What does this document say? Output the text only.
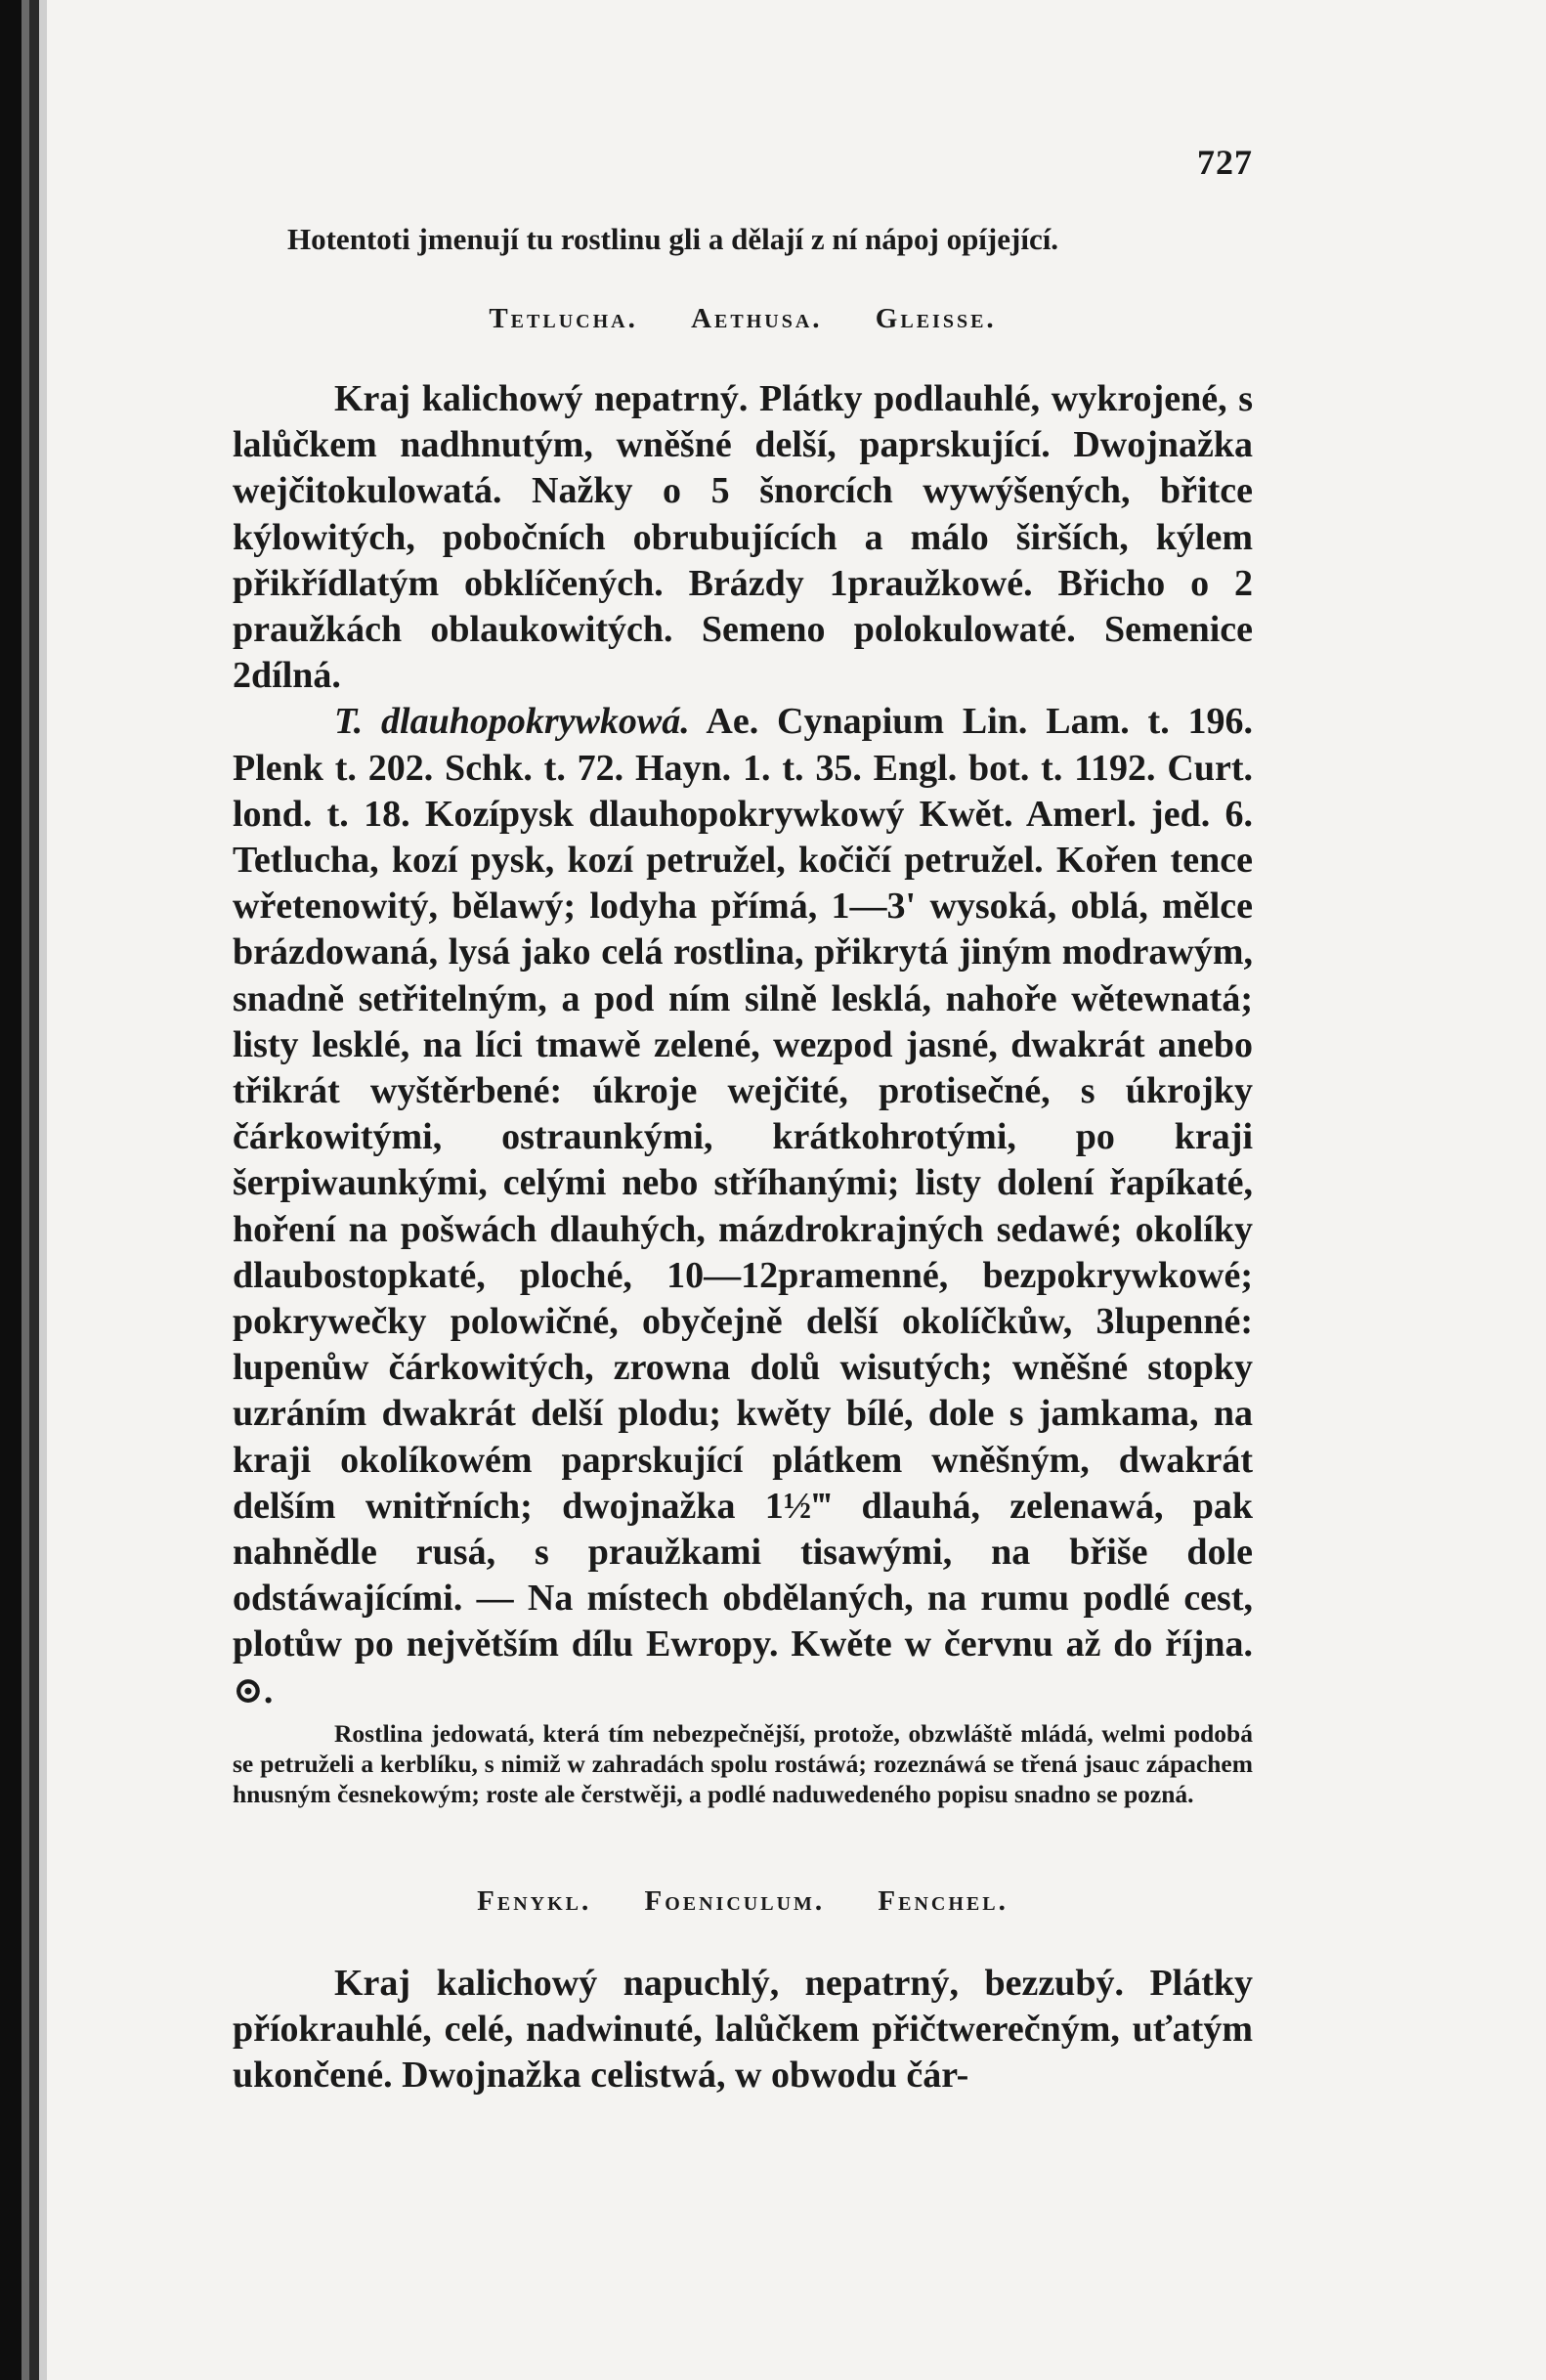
727
Hotentoti jmenují tu rostlinu gli a dělají z ní nápoj opíjející.
Tetlucha. Aethusa. Gleisse.

Kraj kalichowý nepatrný. Plátky podlauhlé, wykrojené, s lalůčkem nadhnutým, wněšné delší, paprskující. Dwojnažka wejčitokulowatá. Nažky o 5 šnorcích wywýšených, břitce kýlowitých, pobočních obrubujících a málo širších, kýlem přikřídlatým obklíčených. Brázdy 1praužkowé. Břicho o 2 praužkách oblaukowitých. Semeno polokulowaté. Semenice 2dílná.

T. dlauhopokrywkowá. Ae. Cynapium Lin. Lam. t. 196. Plenk t. 202. Schk. t. 72. Hayn. 1. t. 35. Engl. bot. t. 1192. Curt. lond. t. 18. Kozípysk dlauhopokrywkowý Kwět. Amerl. jed. 6. Tetlucha, kozí pysk, kozí petružel, kočičí petružel. Kořen tence wřetenowitý, bělawý; lodyha přímá, 1—3' wysoká, oblá, mělce brázdowaná, lysá jako celá rostlina, přikrytá jiným modrawým, snadně setřitelným, a pod ním silně lesklá, nahoře wětewnatá; listy lesklé, na líci tmawě zelené, wezpod jasné, dwakrát anebo třikrát wyštěrbené: úkroje wejčité, protisečné, s úkrojky čárkowitými, ostraunkými, krátkohrotými, po kraji šerpiwaunkými, celými nebo stříhanými; listy dolení řapíkaté, hoření na pošwách dlauhých, mázdrokrajných sedawé; okolíky dlaubostopkaté, ploché, 10—12pramenné, bezpokrywkowé; pokrywečky polowičné, obyčejně delší okolíčkůw, 3lupenné: lupenůw čárkowitých, zrowna dolů wisutých; wněšné stopky uzráním dwakrát delší plodu; kwěty bílé, dole s jamkama, na kraji okolíkowém paprskující plátkem wněšným, dwakrát delším wnitřních; dwojnažka 1½‴ dlauhá, zelenawá, pak nahnědle rusá, s praužkami tisawými, na břiše dole odstáwajícími. — Na místech obdělaných, na rumu podlé cest, plotůw po největším dílu Ewropy. Kwěte w červnu až do října. ⊙.

Rostlina jedowatá, která tím nebezpečnější, protože, obzwláště mládá, welmi podobá se petruželi a kerblíku, s nimiž w zahradách spolu rostáwá; rozeznáwá se třená jsauc zápachem hnusným česnekowým; roste ale čerstwěji, a podlé naduwedeného popisu snadno se pozná.

Fenykl. Foeniculum. Fenchel.

Kraj kalichowý napuchlý, nepatrný, bezzubý. Plátky příokrauhlé, celé, nadwinuté, lalůčkem přičtwerečným, uťatým ukončené. Dwojnažka celistwá, w obwodu čár-
